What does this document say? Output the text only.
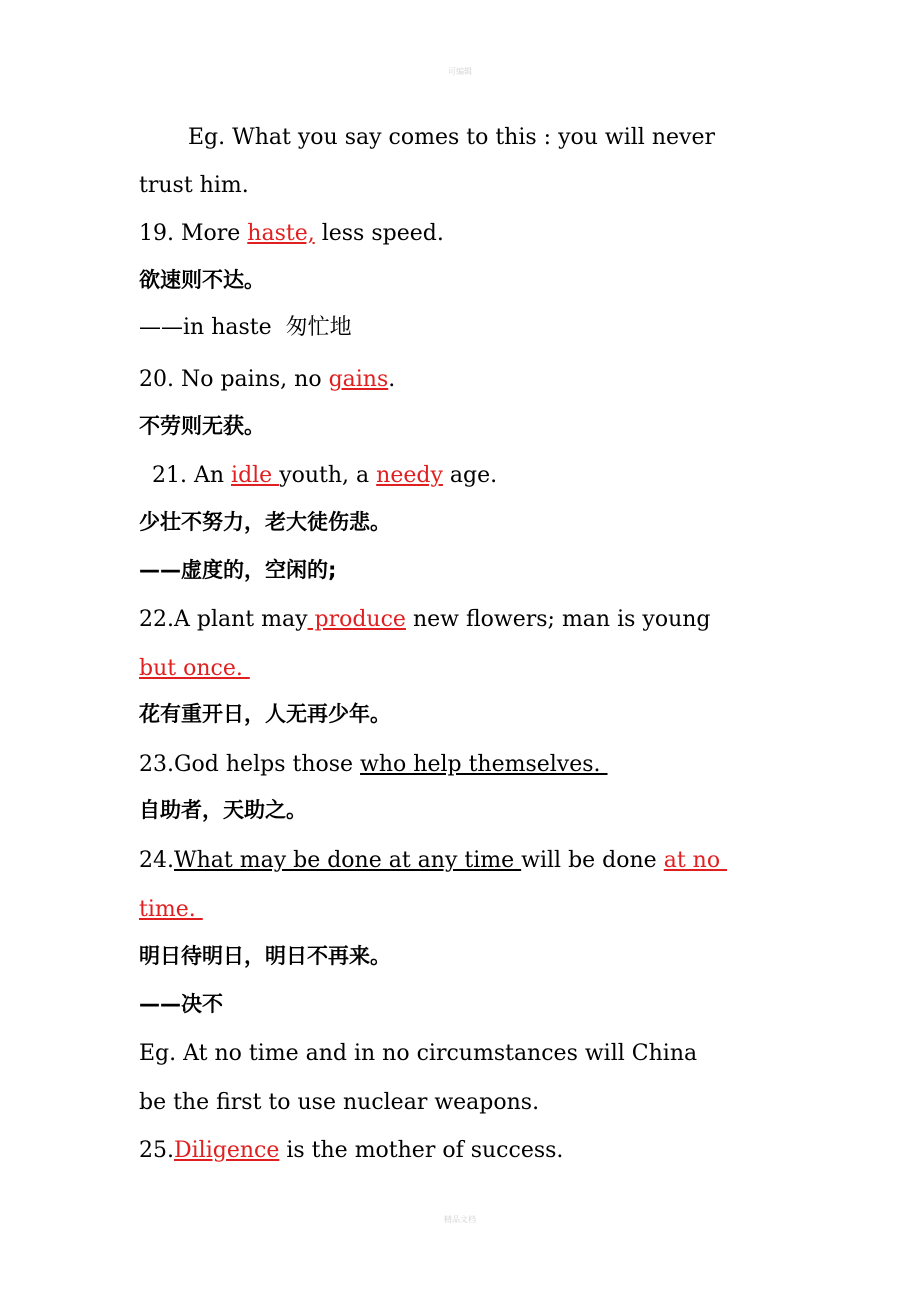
可编辑
Eg. What you say comes to this : you will never
trust him.
19. More haste, less speed.
欲速则不达。
——in haste  匆忙地
20. No pains, no gains.
不劳则无获。
21. An idle youth, a needy age.
少壮不努力，老大徒伤悲。
——虚度的，空闲的;
22.A plant may produce new flowers; man is young
but once.
花有重开日，人无再少年。
23.God helps those who help themselves.
自助者，天助之。
24.What may be done at any time will be done at no
time.
明日待明日，明日不再来。
——决不
Eg. At no time and in no circumstances will China
be the first to use nuclear weapons.
25.Diligence is the mother of success.
精品文档
